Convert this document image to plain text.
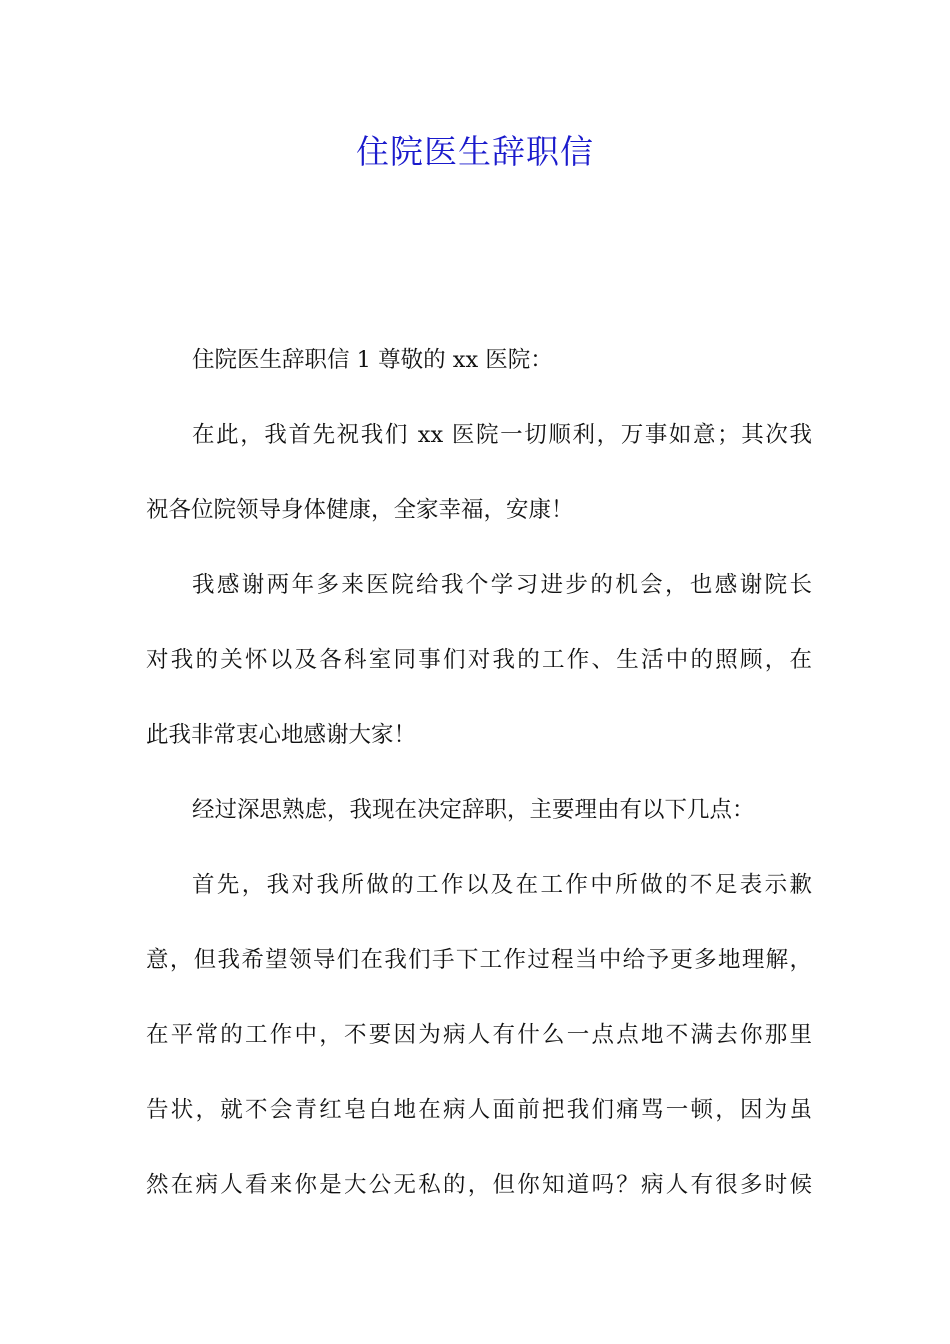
住院医生辞职信
住院医生辞职信 1 尊敬的 xx 医院：
在此，我首先祝我们 xx 医院一切顺利，万事如意；其次我
祝各位院领导身体健康，全家幸福，安康！
我感谢两年多来医院给我个学习进步的机会，也感谢院长
对我的关怀以及各科室同事们对我的工作、生活中的照顾，在
此我非常衷心地感谢大家！
经过深思熟虑，我现在决定辞职，主要理由有以下几点：
首先，我对我所做的工作以及在工作中所做的不足表示歉
意，但我希望领导们在我们手下工作过程当中给予更多地理解，
在平常的工作中，不要因为病人有什么一点点地不满去你那里
告状，就不会青红皂白地在病人面前把我们痛骂一顿，因为虽
然在病人看来你是大公无私的，但你知道吗？病人有很多时候
